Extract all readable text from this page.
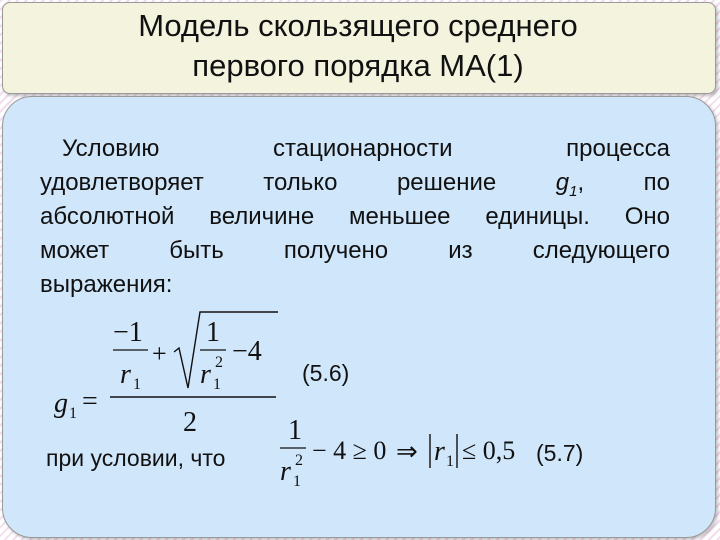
Модель скользящего среднего
первого порядка МА(1)
Условию стационарности процесса
удовлетворяет только решение $g_1$, по
абсолютной величине меньшее единицы. Оно
может быть получено из следующего
выражения:
g 1 =
−1
r 1
+
1
r 1
2 −4
2
(5.6)
при условии, что
1
r 1
2 − 4 ≥ 0 ⇒ r 1 ≤ 0,5 (5.7)
